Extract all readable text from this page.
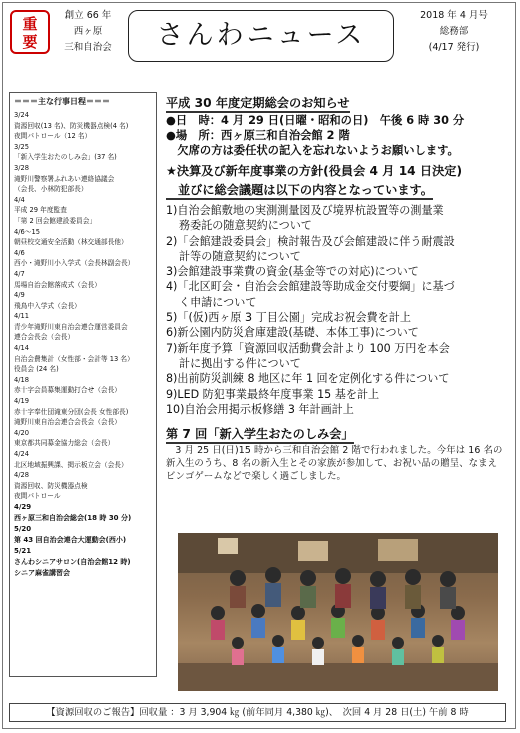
重要
創立 66 年
西ヶ原
三和自治会	さんわニュース
2018 年 4 月号
総務部
(4/17 発行)
＝＝＝主な行事日程＝＝＝
3/24
資源回収(13 名)、防災機器点検(4 名)
夜間パトロール（12 名）
3/25
「新入学生おたのしみ会」(37 名)
3/28
滝野川警察署ふれあい連絡協議会
（会長、小林防犯部長）
4/4
平成 29 年度監査
「第 2 回会館建設委員会」
4/6～15
朝昼校交通安全活動（林交通部長他）
4/6
西小・滝野川小入学式（会長林副会長）
4/7
馬場自治会館落成式（会長）
4/9
飛鳥中入学式（会長）
4/11
青少年滝野川東自治会連合運営委員会
連合会長会（会長）
4/14
自治会費集計（女性部・会計等 13 名）
役員会 (24 名)
4/18
赤十字会員募集運動打合せ（会長）
4/19
赤十字奉仕団滝東分団(会長 女性部長)
滝野川東自治会連合会長会（会長）
4/20
東京都共同募金協力総会（会長）
4/24
北区地域振興課、掲示板立会（会長）
4/28
資源回収、防災機器点検
夜間パトロール
4/29
西ヶ原三和自治会総会(18 時 30 分)
5/20
第 43 回自治会連合大運動会(西小)
5/21
さんわシニアサロン(自治会館12 時)
シニア麻雀講習会
平成 30 年度定期総会のお知らせ
●日　時：4 月 29 日(日曜・昭和の日)　午後 6 時 30 分
●場　所：西ヶ原三和自治会館 2 階
　欠席の方は委任状の記入を忘れないようお願いします。
★決算及び新年度事業の方針(役員会 4 月 14 日決定)
並びに総会議題は以下の内容となっています。
1)自治会館敷地の実測測量図及び境界杭設置等の測量業
務委託の随意契約について
2)「会館建設委員会」検討報告及び会館建設に伴う耐震設
計等の随意契約について
3)会館建設事業費の資金(基金等での対応)について
4)「北区町会・自治会会館建設等助成金交付要綱」に基づ
く申請について
5)「(仮)西ヶ原 3 丁目公園」完成お祝会費を計上
6)新公園内防災倉庫建設(基礎、本体工事)について
7)新年度予算「資源回収活動費会計より 100 万円を本会
計に拠出する件について
8)出前防災訓練 8 地区に年 1 回を定例化する件について
9)LED 防犯事業最終年度事業 15 基を計上
10)自治会用掲示板修繕 3 年計画計上
第 7 回「新入学生おたのしみ会」
3 月 25 日(日)15 時から三和自治会館 2 階で行われました。今年は 16 名の新入生のうち、8 名の新入生とその家族が参加して、お祝い品の贈呈、なまえビンゴゲームなどで楽しく過ごしました。
【資源回収のご報告】回収量 ：3 月 3,904 ㎏ (前年同月 4,380 ㎏)、　次回 4 月 28 日(土) 午前 8 時
